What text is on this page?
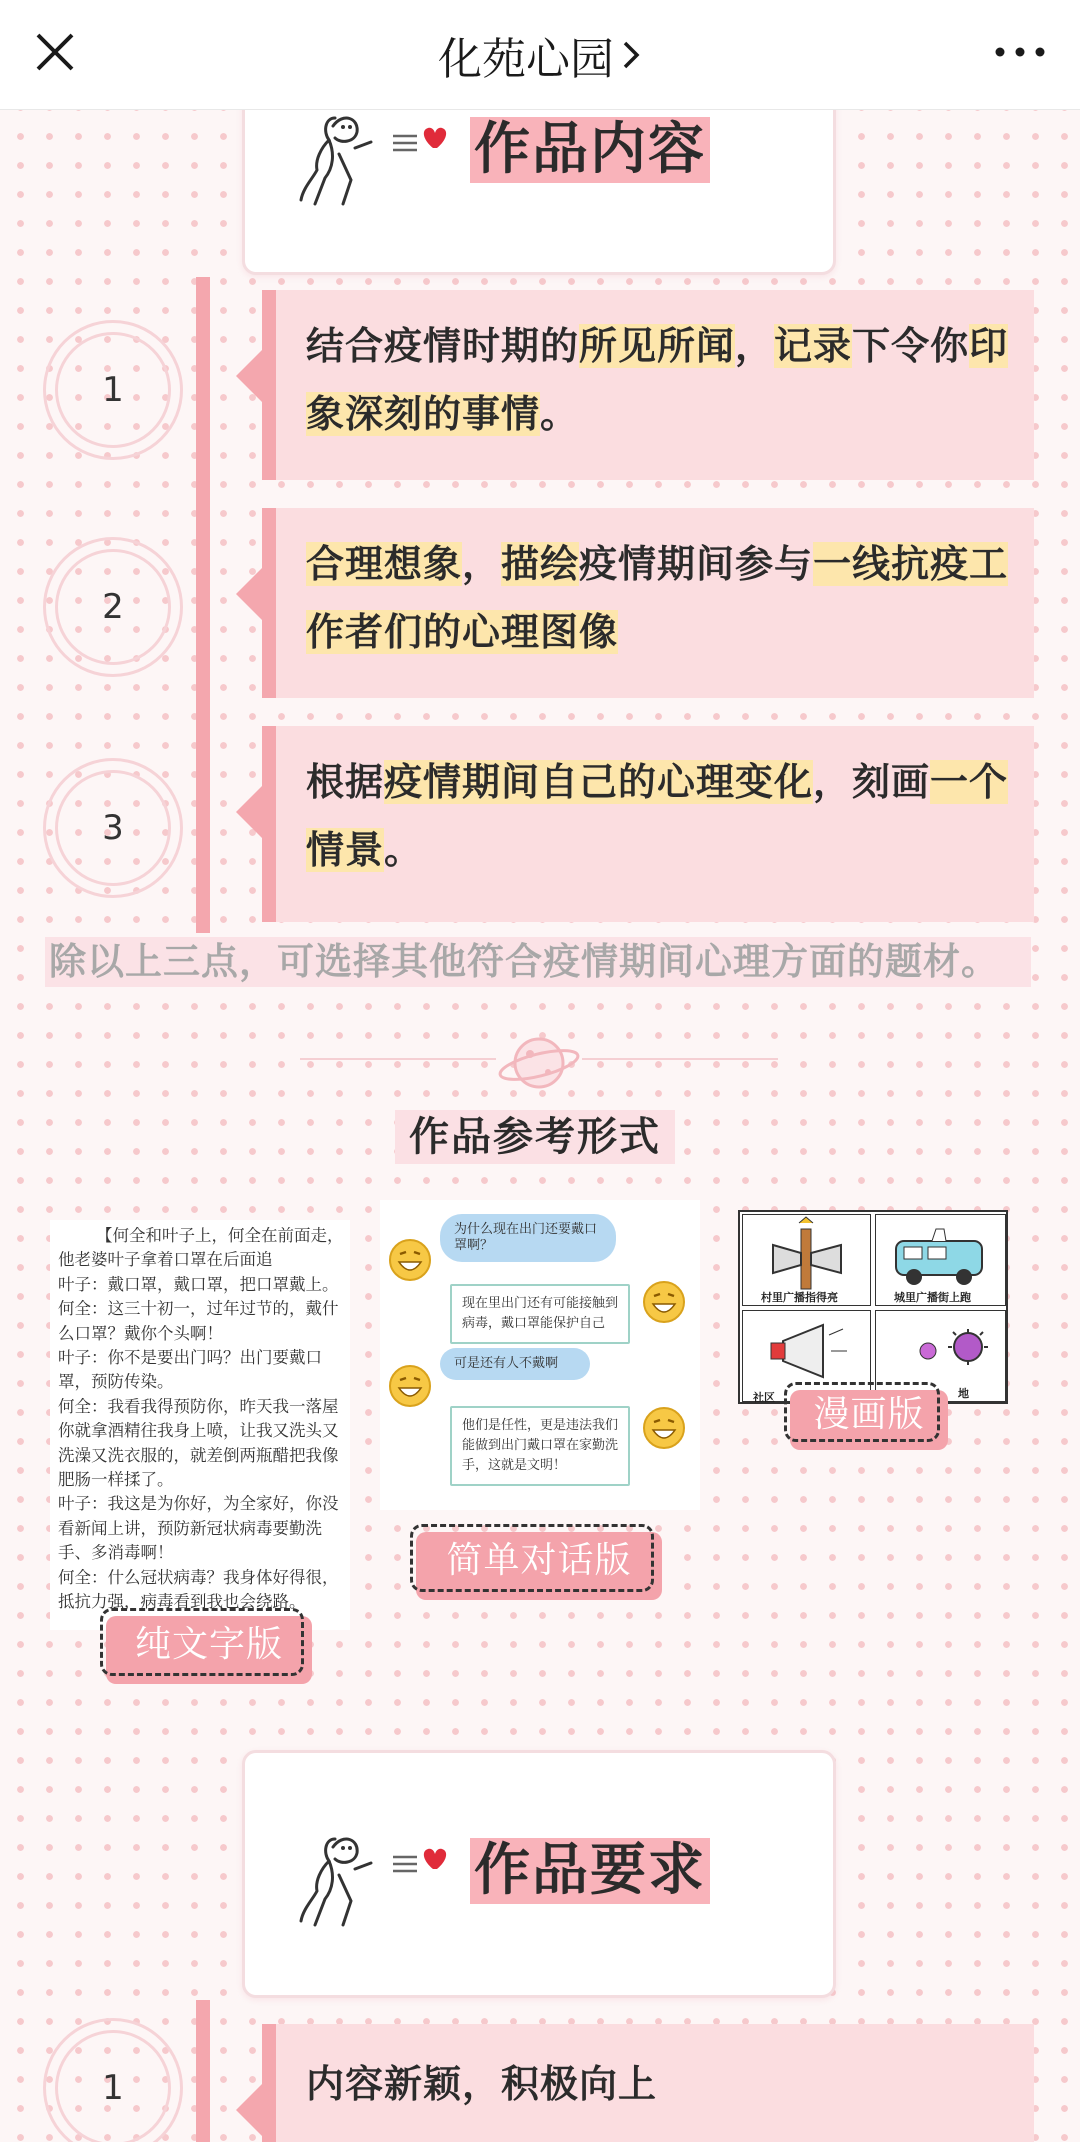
化苑心园
作品内容
1
结合疫情时期的所见所闻，记录下令你印象深刻的事情。
2
合理想象，描绘疫情期间参与一线抗疫工作者们的心理图像
3
根据疫情期间自己的心理变化，刻画一个情景。
除以上三点，可选择其他符合疫情期间心理方面的题材。
作品参考形式
【何全和叶子上，何全在前面走，他老婆叶子拿着口罩在后面追
叶子：戴口罩，戴口罩，把口罩戴上。
何全：这三十初一，过年过节的，戴什么口罩？戴你个头啊！
叶子：你不是要出门吗？出门要戴口罩，预防传染。
何全：我看我得预防你，昨天我一落屋你就拿酒精往我身上喷，让我又洗头又洗澡又洗衣服的，就差倒两瓶醋把我像肥肠一样揉了。
叶子：我这是为你好，为全家好，你没看新闻上讲，预防新冠状病毒要勤洗手、多消毒啊！
何全：什么冠状病毒？我身体好得很，抵抗力强，病毒看到我也会绕路。
为什么现在出门还要戴口罩啊？
现在里出门还有可能接触到病毒，戴口罩能保护自己
可是还有人不戴啊
他们是任性，更是违法我们能做到出门戴口罩在家勤洗手，这就是文明！
村里广播指得亮	城里广播街上跑
社区	地
漫画版
简单对话版
纯文字版
作品要求
1	内容新颖，积极向上
